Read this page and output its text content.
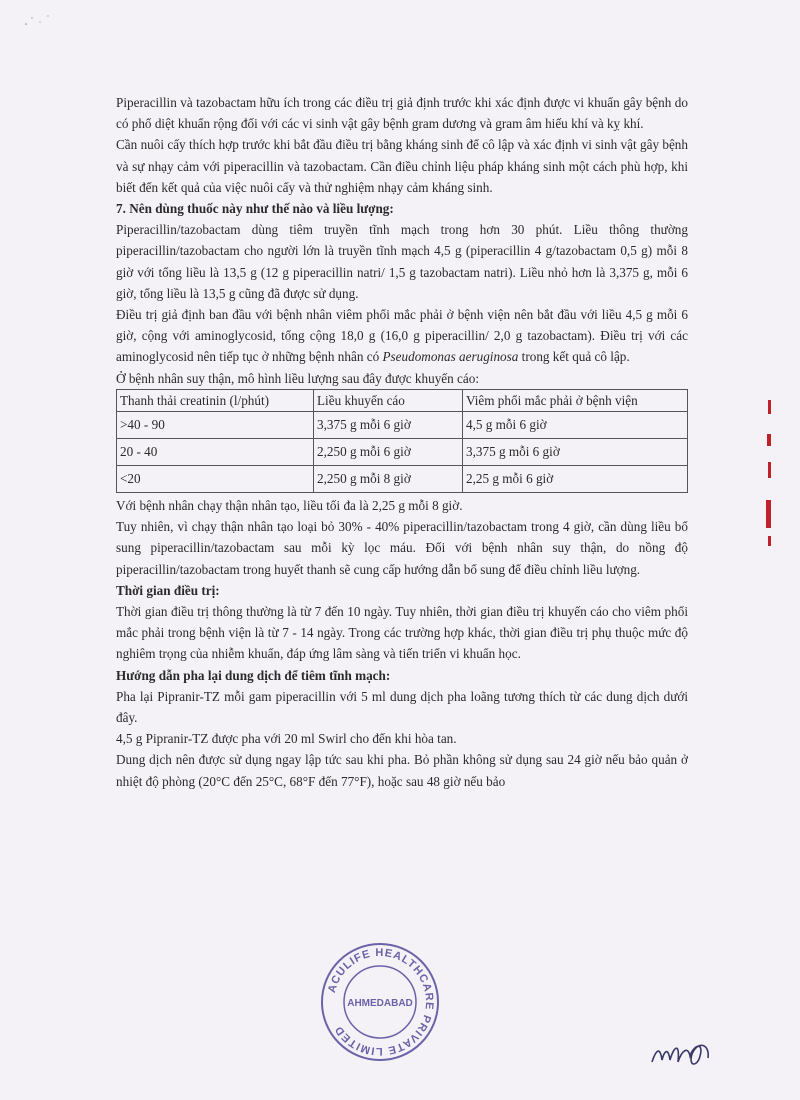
Piperacillin và tazobactam hữu ích trong các điều trị giả định trước khi xác định được vi khuẩn gây bệnh do có phổ diệt khuẩn rộng đối với các vi sinh vật gây bệnh gram dương và gram âm hiếu khí và kỵ khí.

Cần nuôi cấy thích hợp trước khi bắt đầu điều trị bằng kháng sinh để cô lập và xác định vi sinh vật gây bệnh và sự nhạy cảm với piperacillin và tazobactam. Cần điều chỉnh liệu pháp kháng sinh một cách phù hợp, khi biết đến kết quả của việc nuôi cấy và thử nghiệm nhạy cảm kháng sinh.

7. Nên dùng thuốc này như thế nào và liều lượng:

Piperacillin/tazobactam dùng tiêm truyền tĩnh mạch trong hơn 30 phút. Liều thông thường piperacillin/tazobactam cho người lớn là truyền tĩnh mạch 4,5 g (piperacillin 4 g/tazobactam 0,5 g) mỗi 8 giờ với tổng liều là 13,5 g (12 g piperacillin natri/ 1,5 g tazobactam natri). Liều nhỏ hơn là 3,375 g, mỗi 6 giờ, tổng liều là 13,5 g cũng đã được sử dụng.

Điều trị giả định ban đầu với bệnh nhân viêm phổi mắc phải ở bệnh viện nên bắt đầu với liều 4,5 g mỗi 6 giờ, cộng với aminoglycosid, tổng cộng 18,0 g (16,0 g piperacillin/ 2,0 g tazobactam). Điều trị với các aminoglycosid nên tiếp tục ở những bệnh nhân có Pseudomonas aeruginosa trong kết quả cô lập.

Ở bệnh nhân suy thận, mô hình liều lượng sau đây được khuyến cáo:

Thanh thải creatinin (l/phút)	Liều khuyến cáo	Viêm phổi mắc phải ở bệnh viện
>40 - 90	3,375 g mỗi 6 giờ	4,5 g mỗi 6 giờ
20 - 40	2,250 g mỗi 6 giờ	3,375 g mỗi 6 giờ
<20	2,250 g mỗi 8 giờ	2,25 g mỗi 6 giờ

Với bệnh nhân chạy thận nhân tạo, liều tối đa là 2,25 g mỗi 8 giờ.

Tuy nhiên, vì chạy thận nhân tạo loại bỏ 30% - 40% piperacillin/tazobactam trong 4 giờ, cần dùng liều bổ sung piperacillin/tazobactam sau mỗi kỳ lọc máu. Đối với bệnh nhân suy thận, do nồng độ piperacillin/tazobactam trong huyết thanh sẽ cung cấp hướng dẫn bổ sung để điều chỉnh liều lượng.

Thời gian điều trị:

Thời gian điều trị thông thường là từ 7 đến 10 ngày. Tuy nhiên, thời gian điều trị khuyến cáo cho viêm phổi mắc phải trong bệnh viện là từ 7 - 14 ngày. Trong các trường hợp khác, thời gian điều trị phụ thuộc mức độ nghiêm trọng của nhiễm khuẩn, đáp ứng lâm sàng và tiến triển vi khuẩn học.

Hướng dẫn pha lại dung dịch để tiêm tĩnh mạch:

Pha lại Pipranir-TZ mỗi gam piperacillin với 5 ml dung dịch pha loãng tương thích từ các dung dịch dưới đây.

4,5 g Pipranir-TZ được pha với 20 ml Swirl cho đến khi hòa tan.

Dung dịch nên được sử dụng ngay lập tức sau khi pha. Bỏ phần không sử dụng sau 24 giờ nếu bảo quản ở nhiệt độ phòng (20°C đến 25°C, 68°F đến 77°F), hoặc sau 48 giờ nếu bảo

ACULIFE HEALTHCARE PRIVATE LIMITED
AHMEDABAD
